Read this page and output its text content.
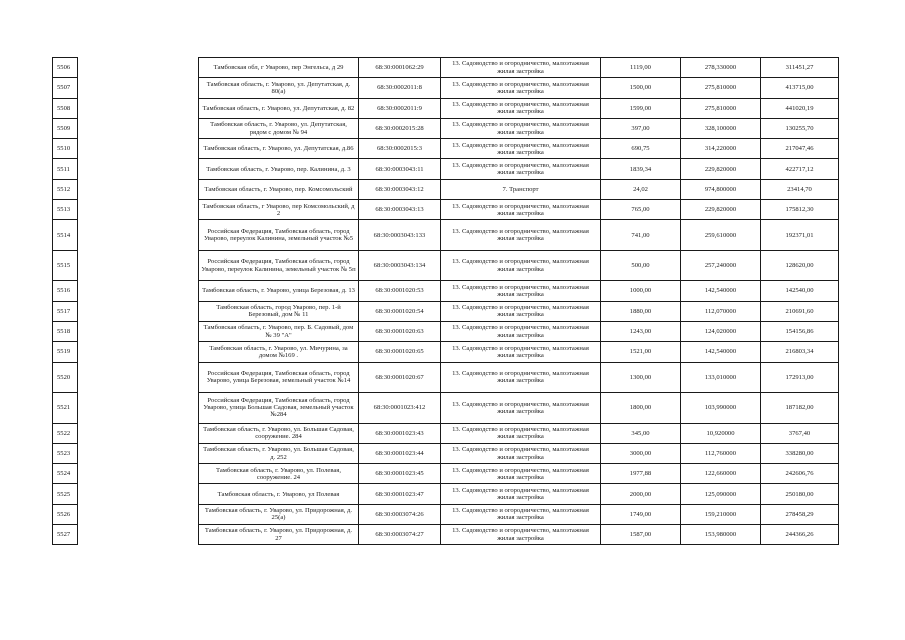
5506		Тамбовская обл, г Уварово, пер Энгельса, д 29	68:30:0001062:29	13. Садоводство и огородничество, малоэтажная жилая застройка	1119,00	278,330000	311451,27
5507		Тамбовская область, г. Уварово, ул. Депутатская, д. 80(а)	68:30:0002011:8	13. Садоводство и огородничество, малоэтажная жилая застройка	1500,00	275,810000	413715,00
5508		Тамбовская область, г. Уварово, ул. Депутатская, д. 82	68:30:0002011:9	13. Садоводство и огородничество, малоэтажная жилая застройка	1599,00	275,810000	441020,19
5509		Тамбовская область, г. Уварово, ул. Депутатская, рядом с домом № 94	68:30:0002015:28	13. Садоводство и огородничество, малоэтажная жилая застройка	397,00	328,100000	130255,70
5510		Тамбовская область, г. Уварово, ул. Депутатская, д.86	68:30:0002015:3	13. Садоводство и огородничество, малоэтажная жилая застройка	690,75	314,220000	217047,46
5511		Тамбовская область, г. Уварово, пер. Калинина, д. 3	68:30:0003043:11	13. Садоводство и огородничество, малоэтажная жилая застройка	1839,34	229,820000	422717,12
5512		Тамбовская область, г. Уварово, пер. Комсомольский	68:30:0003043:12	7. Транспорт	24,02	974,800000	23414,70
5513		Тамбовская область, г Уварово, пер Комсомольский, д 2	68:30:0003043:13	13. Садоводство и огородничество, малоэтажная жилая застройка	765,00	229,820000	175812,30
5514		Российская Федерация, Тамбовская область, город Уварово, переулок Калинина, земельный участок №5	68:30:0003043:133	13. Садоводство и огородничество, малоэтажная жилая застройка	741,00	259,610000	192371,01
5515		Российская Федерация, Тамбовская область, город Уварово, переулок Калинина, земельный участок № 5п	68:30:0003043:134	13. Садоводство и огородничество, малоэтажная жилая застройка	500,00	257,240000	128620,00
5516		Тамбовская область, г. Уварово, улица Березовая, д. 13	68:30:0001020:53	13. Садоводство и огородничество, малоэтажная жилая застройка	1000,00	142,540000	142540,00
5517		Тамбовская область, город Уварово, пер. 1-й Березовый, дом № 11	68:30:0001020:54	13. Садоводство и огородничество, малоэтажная жилая застройка	1880,00	112,070000	210691,60
5518		Тамбовская область, г. Уварово, пер. Б. Садовый, дом № 39 "А"	68:30:0001020:63	13. Садоводство и огородничество, малоэтажная жилая застройка	1243,00	124,020000	154156,86
5519		Тамбовская область, г. Уварово, ул. Мичурина, за домом №169 .	68:30:0001020:65	13. Садоводство и огородничество, малоэтажная жилая застройка	1521,00	142,540000	216803,34
5520		Российская Федерация, Тамбовская область, город Уварово, улица Березовая, земельный участок №14	68:30:0001020:67	13. Садоводство и огородничество, малоэтажная жилая застройка	1300,00	133,010000	172913,00
5521		Российская Федерация, Тамбовская область, город Уварово, улица Большая Садовая, земельный участок №284	68:30:0001023:412	13. Садоводство и огородничество, малоэтажная жилая застройка	1800,00	103,990000	187182,00
5522		Тамбовская область, г. Уварово, ул. Большая Садовая, сооружение. 284	68:30:0001023:43	13. Садоводство и огородничество, малоэтажная жилая застройка	345,00	10,920000	3767,40
5523		Тамбовская область, г. Уварово, ул. Большая Садовая, д. 252	68:30:0001023:44	13. Садоводство и огородничество, малоэтажная жилая застройка	3000,00	112,760000	338280,00
5524		Тамбовская область, г. Уварово, ул. Полевая, сооружение. 24	68:30:0001023:45	13. Садоводство и огородничество, малоэтажная жилая застройка	1977,88	122,660000	242606,76
5525		Тамбовская область, г. Уварово, ул Полевая	68:30:0001023:47	13. Садоводство и огородничество, малоэтажная жилая застройка	2000,00	125,090000	250180,00
5526		Тамбовская область, г. Уварово, ул. Придорожная, д. 25(а)	68:30:0003074:26	13. Садоводство и огородничество, малоэтажная жилая застройка	1749,00	159,210000	278458,29
5527		Тамбовская область, г. Уварово, ул. Придорожная, д. 27	68:30:0003074:27	13. Садоводство и огородничество, малоэтажная жилая застройка	1587,00	153,980000	244366,26
